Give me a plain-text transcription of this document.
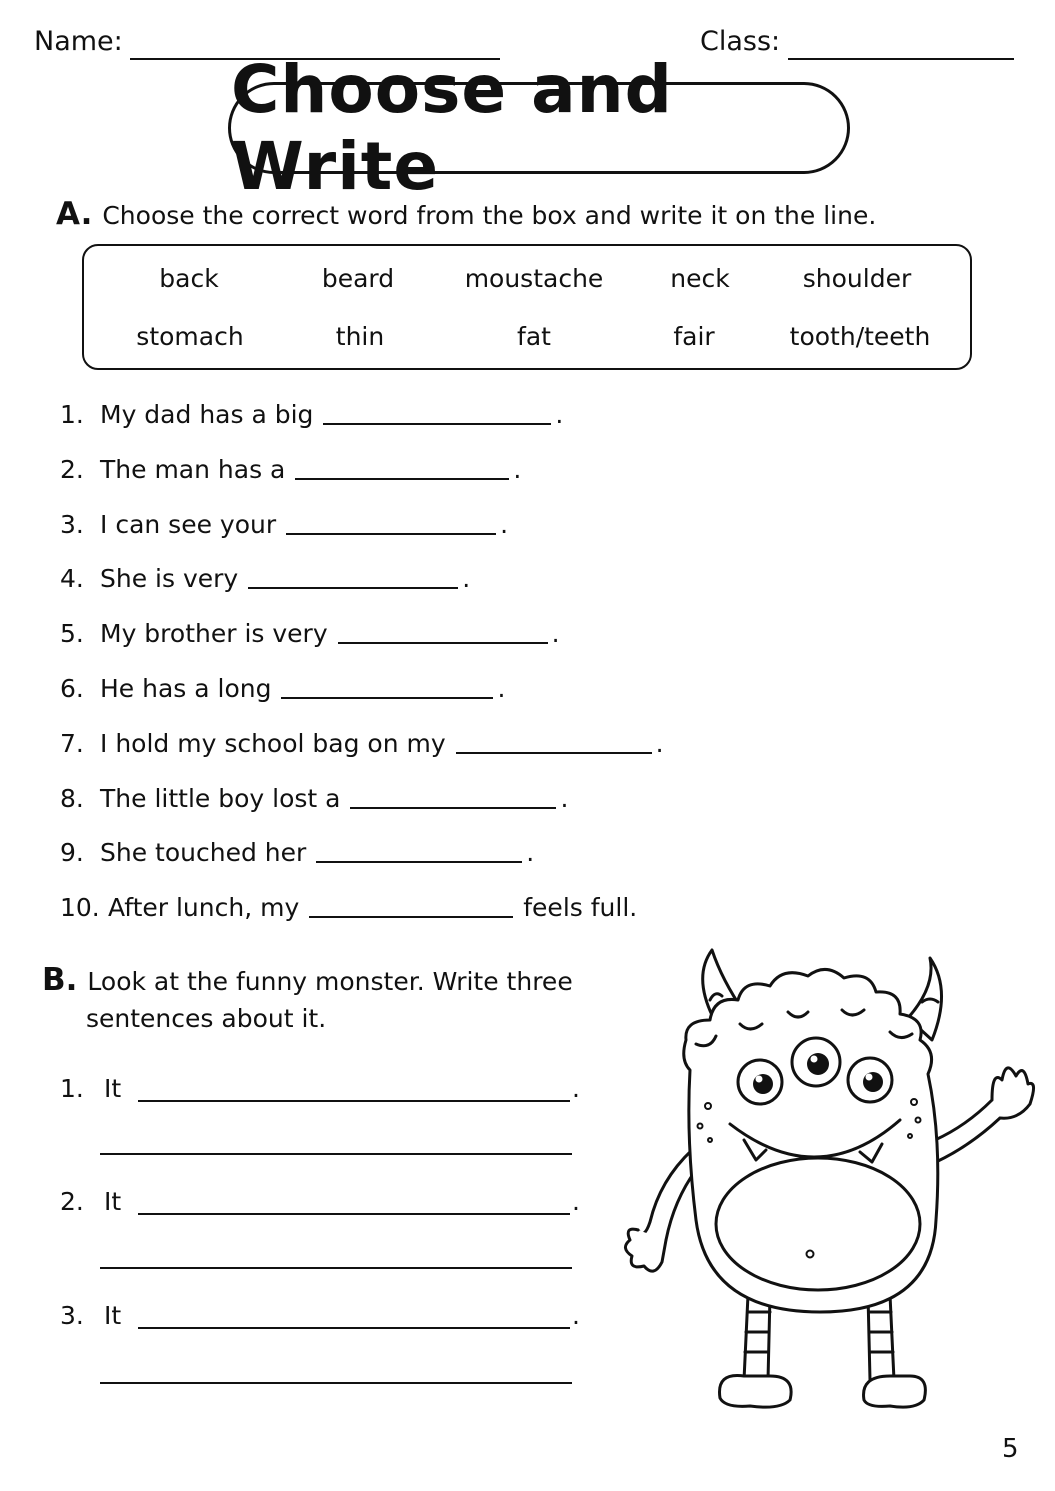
Name:	Class:
Choose and Write
A. Choose the correct word from the box and write it on the line.
back	beard	moustache	neck	shoulder
stomach	thin	fat	fair	tooth/teeth
1. My dad has a big	.
2. The man has a	.
3. I can see your	.
4. She is very	.
5. My brother is very	.
6. He has a long	.
7. I hold my school bag on my	.
8. The little boy lost a	.
9. She touched her	.
10. After lunch, my	feels full.
B. Look at the funny monster. Write three
sentences about it.
1. It	.
2. It	.
3. It	.
5
